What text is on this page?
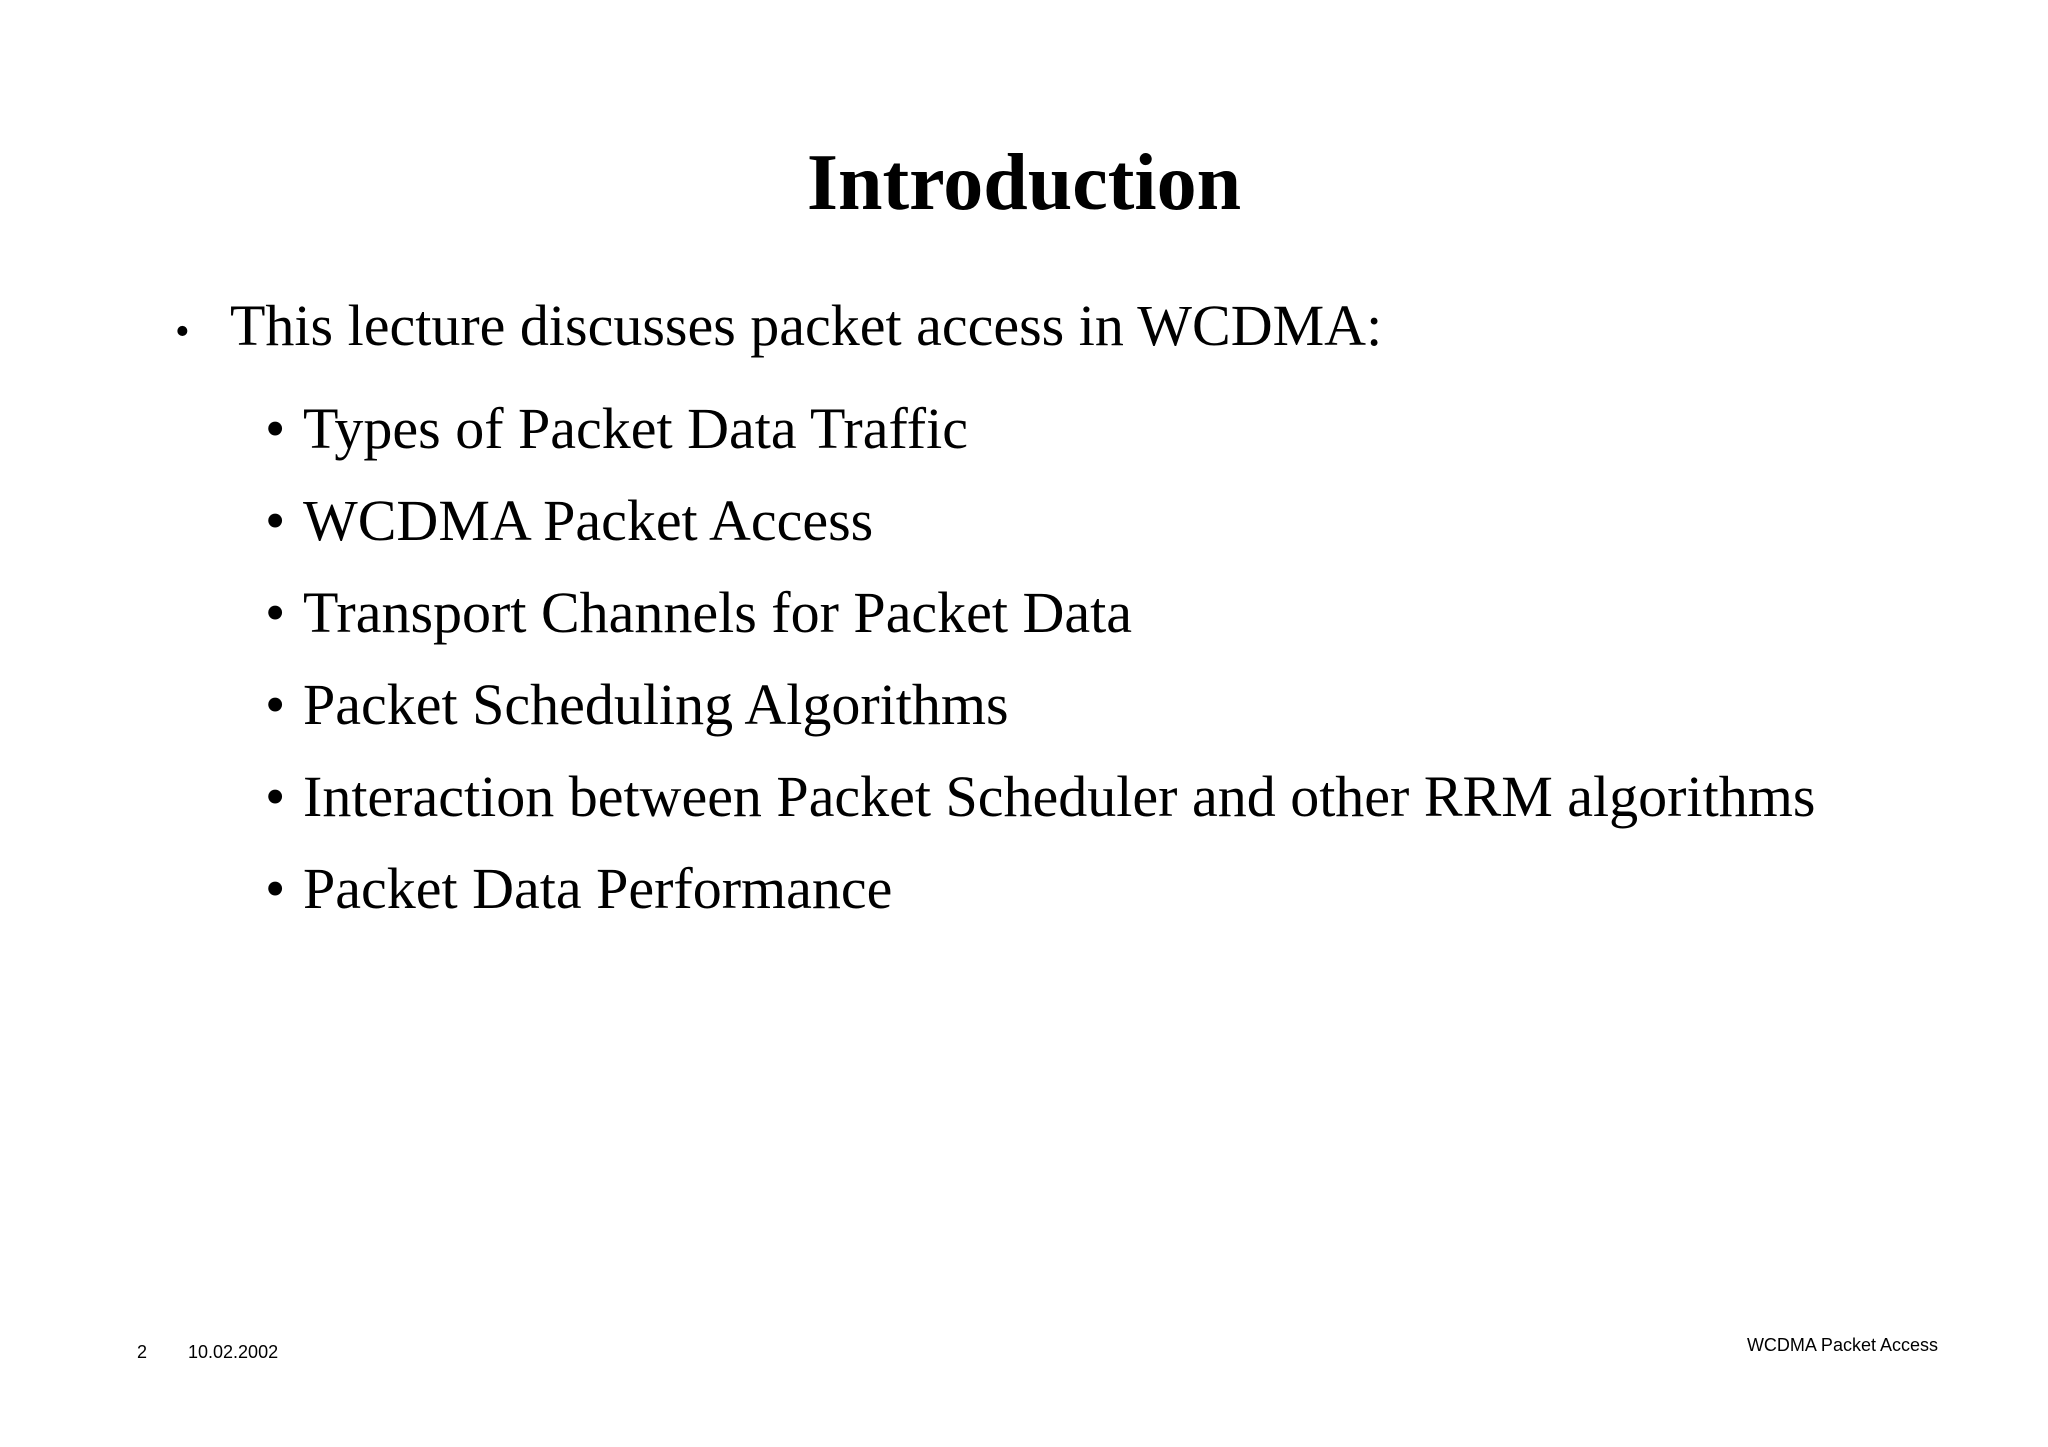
Introduction
• This lecture discusses packet access in WCDMA:
• Types of Packet Data Traffic
• WCDMA Packet Access
• Transport Channels for Packet Data
• Packet Scheduling Algorithms
• Interaction between Packet Scheduler and other RRM algorithms
• Packet Data Performance
2 10.02.2002	WCDMA Packet Access
